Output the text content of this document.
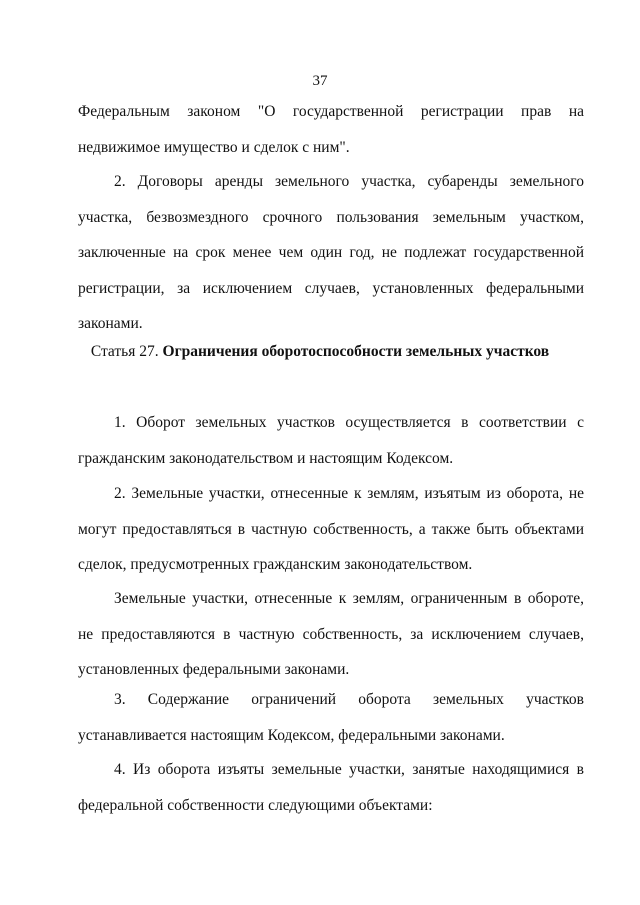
37

Федеральным законом "О государственной регистрации прав на недвижимое имущество и сделок с ним".

2. Договоры аренды земельного участка, субаренды земельного участка, безвозмездного срочного пользования земельным участком, заключенные на срок менее чем один год, не подлежат государственной регистрации, за исключением случаев, установленных федеральными законами.

Статья 27. Ограничения оборотоспособности земельных участков

1. Оборот земельных участков осуществляется в соответствии с гражданским законодательством и настоящим Кодексом.

2. Земельные участки, отнесенные к землям, изъятым из оборота, не могут предоставляться в частную собственность, а также быть объектами сделок, предусмотренных гражданским законодательством.

Земельные участки, отнесенные к землям, ограниченным в обороте, не предоставляются в частную собственность, за исключением случаев, установленных федеральными законами.

3. Содержание ограничений оборота земельных участков устанавливается настоящим Кодексом, федеральными законами.

4. Из оборота изъяты земельные участки, занятые находящимися в федеральной собственности следующими объектами:
